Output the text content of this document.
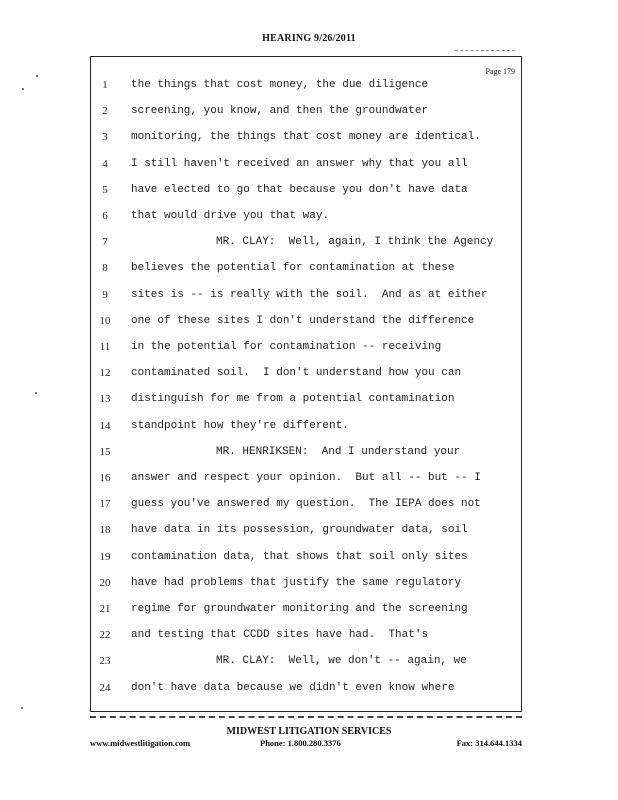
HEARING 9/26/2011
Page 179
1	the things that cost money, the due diligence
2	screening, you know, and then the groundwater
3	monitoring, the things that cost money are identical.
4	I still haven't received an answer why that you all
5	have elected to go that because you don't have data
6	that would drive you that way.
7	MR. CLAY:  Well, again, I think the Agency
8	believes the potential for contamination at these
9	sites is -- is really with the soil.  And as at either
10	one of these sites I don't understand the difference
11	in the potential for contamination -- receiving
12	contaminated soil.  I don't understand how you can
13	distinguish for me from a potential contamination
14	standpoint how they're different.
15	MR. HENRIKSEN:  And I understand your
16	answer and respect your opinion.  But all -- but -- I
17	guess you've answered my question.  The IEPA does not
18	have data in its possession, groundwater data, soil
19	contamination data, that shows that soil only sites
20	have had problems that justify the same regulatory
21	regime for groundwater monitoring and the screening
22	and testing that CCDD sites have had.  That's
23	MR. CLAY:  Well, we don't -- again, we
24	don't have data because we didn't even know where
MIDWEST LITIGATION SERVICES
www.midwestlitigation.com	Phone: 1.800.280.3376	Fax: 314.644.1334
